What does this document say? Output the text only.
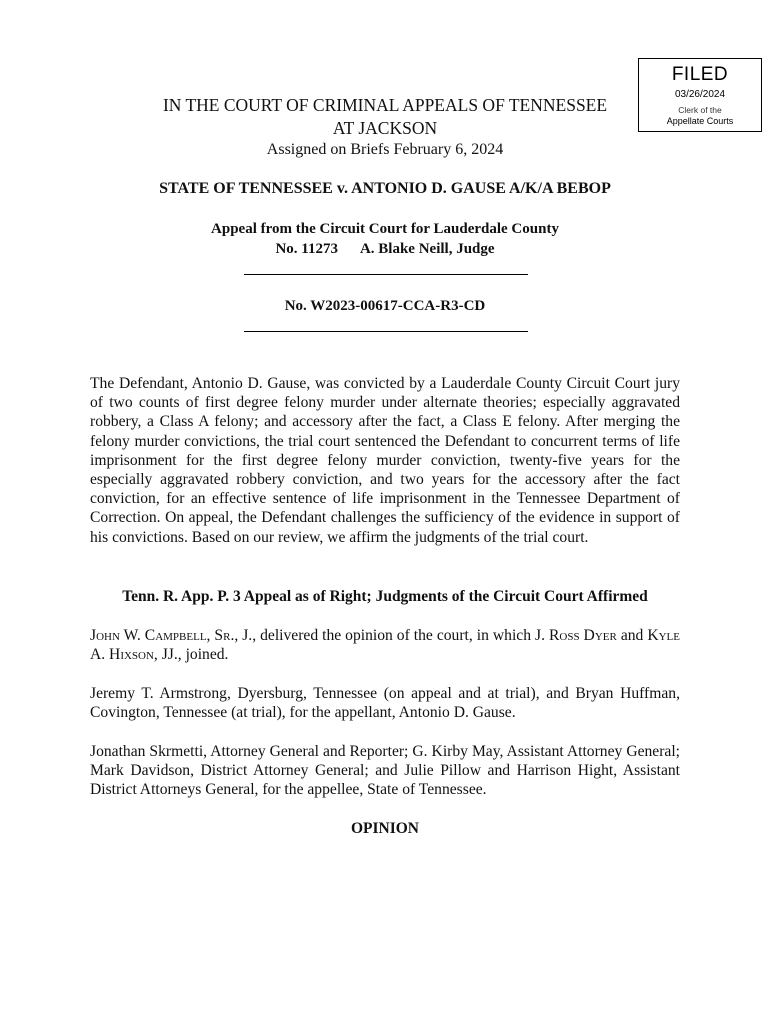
FILED
03/26/2024
Clerk of the
Appellate Courts
IN THE COURT OF CRIMINAL APPEALS OF TENNESSEE
AT JACKSON
Assigned on Briefs February 6, 2024
STATE OF TENNESSEE v. ANTONIO D. GAUSE A/K/A BEBOP
Appeal from the Circuit Court for Lauderdale County
No. 11273 A. Blake Neill, Judge
No. W2023-00617-CCA-R3-CD
The Defendant, Antonio D. Gause, was convicted by a Lauderdale County Circuit Court jury of two counts of first degree felony murder under alternate theories; especially aggravated robbery, a Class A felony; and accessory after the fact, a Class E felony. After merging the felony murder convictions, the trial court sentenced the Defendant to concurrent terms of life imprisonment for the first degree felony murder conviction, twenty-five years for the especially aggravated robbery conviction, and two years for the accessory after the fact conviction, for an effective sentence of life imprisonment in the Tennessee Department of Correction. On appeal, the Defendant challenges the sufficiency of the evidence in support of his convictions. Based on our review, we affirm the judgments of the trial court.
Tenn. R. App. P. 3 Appeal as of Right; Judgments of the Circuit Court Affirmed
John W. Campbell, Sr., J., delivered the opinion of the court, in which J. Ross Dyer and Kyle A. Hixson, JJ., joined.
Jeremy T. Armstrong, Dyersburg, Tennessee (on appeal and at trial), and Bryan Huffman, Covington, Tennessee (at trial), for the appellant, Antonio D. Gause.
Jonathan Skrmetti, Attorney General and Reporter; G. Kirby May, Assistant Attorney General; Mark Davidson, District Attorney General; and Julie Pillow and Harrison Hight, Assistant District Attorneys General, for the appellee, State of Tennessee.
OPINION
